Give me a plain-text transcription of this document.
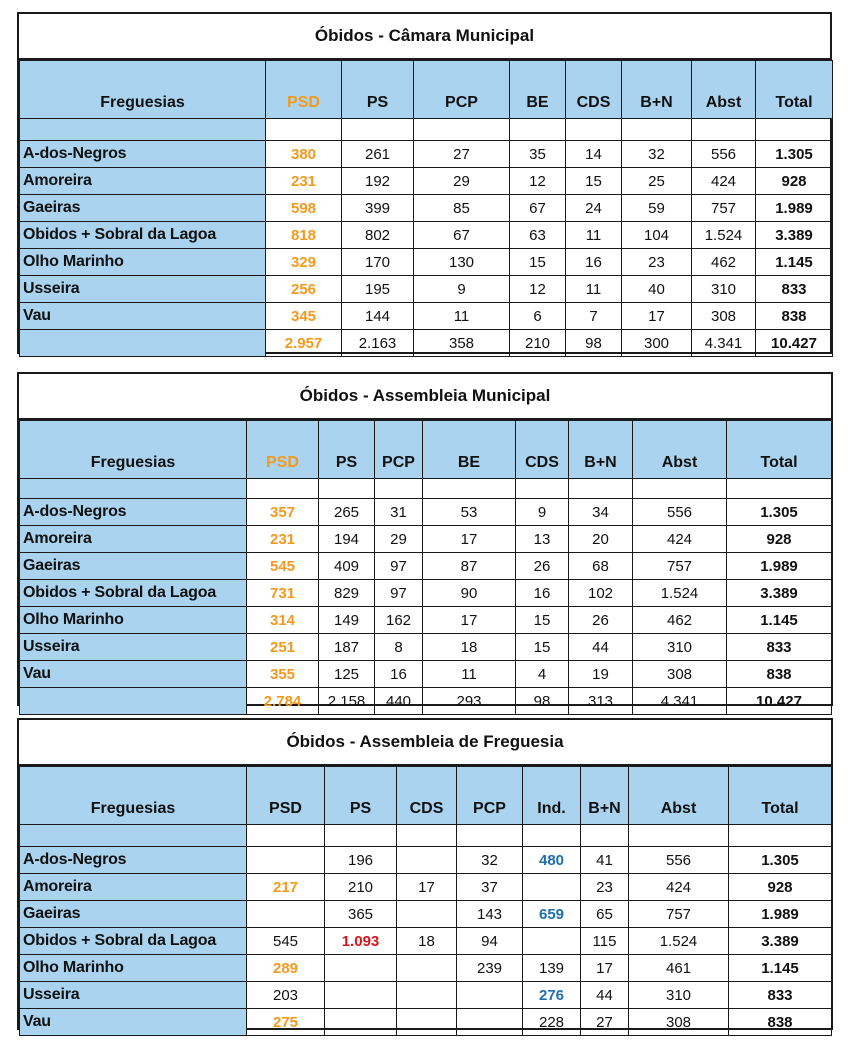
Óbidos - Câmara Municipal
Freguesias	PSD	PS	PCP	BE	CDS	B+N	Abst	Total

A-dos-Negros	380	261	27	35	14	32	556	1.305
Amoreira	231	192	29	12	15	25	424	928
Gaeiras	598	399	85	67	24	59	757	1.989
Obidos + Sobral da Lagoa	818	802	67	63	11	104	1.524	3.389
Olho Marinho	329	170	130	15	16	23	462	1.145
Usseira	256	195	9	12	11	40	310	833
Vau	345	144	11	6	7	17	308	838
	2.957	2.163	358	210	98	300	4.341	10.427
Óbidos - Assembleia Municipal
Freguesias	PSD	PS	PCP	BE	CDS	B+N	Abst	Total

A-dos-Negros	357	265	31	53	9	34	556	1.305
Amoreira	231	194	29	17	13	20	424	928
Gaeiras	545	409	97	87	26	68	757	1.989
Obidos + Sobral da Lagoa	731	829	97	90	16	102	1.524	3.389
Olho Marinho	314	149	162	17	15	26	462	1.145
Usseira	251	187	8	18	15	44	310	833
Vau	355	125	16	11	4	19	308	838
	2.784	2.158	440	293	98	313	4.341	10.427
Óbidos - Assembleia de Freguesia
Freguesias	PSD	PS	CDS	PCP	Ind.	B+N	Abst	Total

A-dos-Negros		196		32	480	41	556	1.305
Amoreira	217	210	17	37		23	424	928
Gaeiras		365		143	659	65	757	1.989
Obidos + Sobral da Lagoa	545	1.093	18	94		115	1.524	3.389
Olho Marinho	289			239	139	17	461	1.145
Usseira	203				276	44	310	833
Vau	275				228	27	308	838
